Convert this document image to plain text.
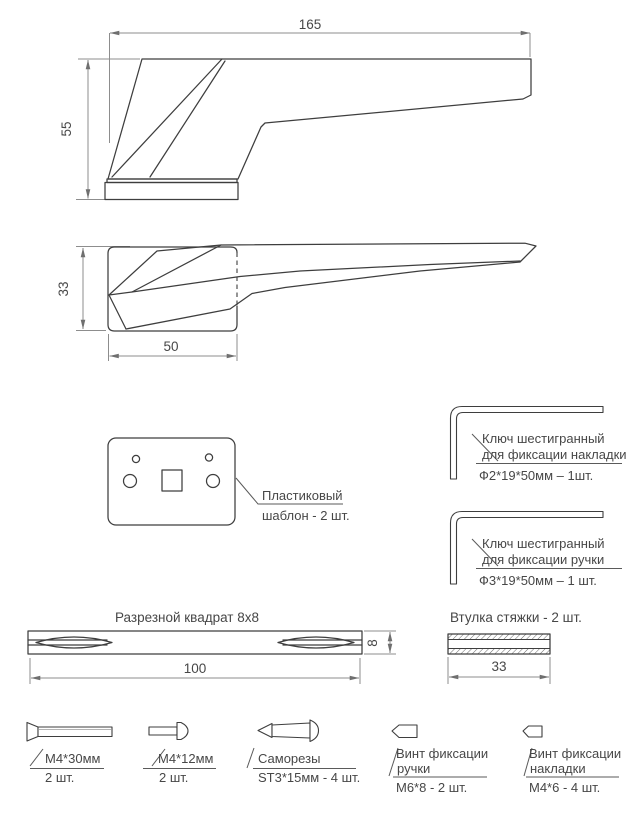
165
55
33
50
Пластиковый
шаблон - 2 шт.
Ключ шестигранный
для фиксации накладки
Ф2*19*50мм – 1шт.
Ключ шестигранный
для фиксации ручки
Ф3*19*50мм – 1 шт.
Разрезной квадрат 8x8
8
100
Втулка стяжки - 2 шт.
33
М4*30мм
2 шт.
М4*12мм
2 шт.
Саморезы
ST3*15мм - 4 шт.
Винт фиксации
ручки
М6*8 - 2 шт.
Винт фиксации
накладки
М4*6 - 4 шт.
